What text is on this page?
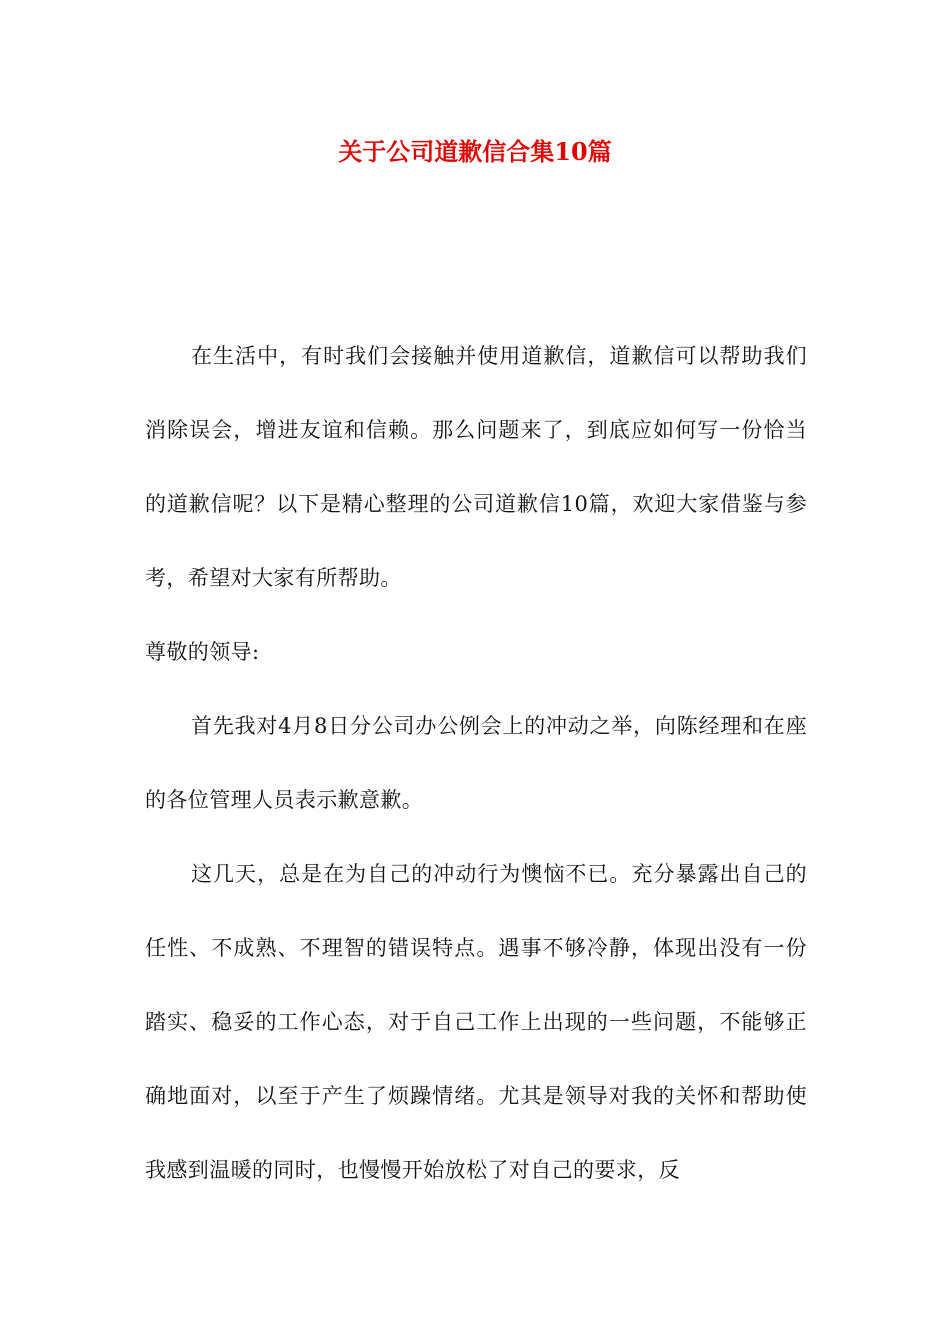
关于公司道歉信合集10篇

在生活中，有时我们会接触并使用道歉信，道歉信可以帮助我们消除误会，增进友谊和信赖。那么问题来了，到底应如何写一份恰当的道歉信呢？以下是精心整理的公司道歉信10篇，欢迎大家借鉴与参考，希望对大家有所帮助。

尊敬的领导:

首先我对4月8日分公司办公例会上的冲动之举，向陈经理和在座的各位管理人员表示歉意歉。

这几天，总是在为自己的冲动行为懊恼不已。充分暴露出自己的任性、不成熟、不理智的错误特点。遇事不够冷静，体现出没有一份踏实、稳妥的工作心态，对于自己工作上出现的一些问题，不能够正确地面对，以至于产生了烦躁情绪。尤其是领导对我的关怀和帮助使我感到温暖的同时，也慢慢开始放松了对自己的要求，反
